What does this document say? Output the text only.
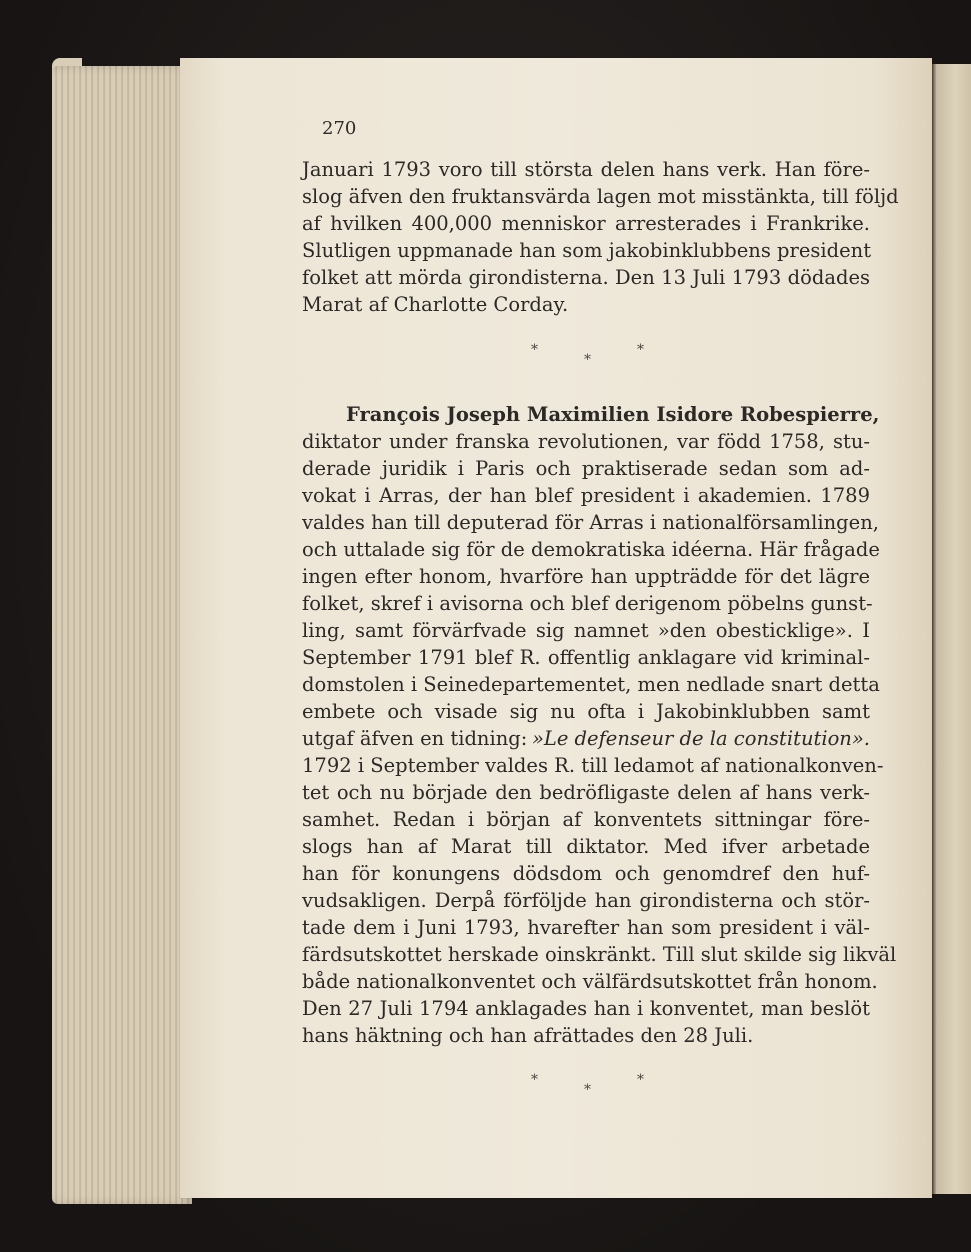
270

Januari 1793 voro till största delen hans verk. Han före-

slog äfven den fruktansvärda lagen mot misstänkta, till följd

af hvilken 400,000 menniskor arresterades i Frankrike.

Slutligen uppmanade han som jakobinklubbens president

folket att mörda girondisterna. Den 13 Juli 1793 dödades

Marat af Charlotte Corday.

*

*

*

François Joseph Maximilien Isidore Robespierre,

diktator under franska revolutionen, var född 1758, stu-

derade juridik i Paris och praktiserade sedan som ad-

vokat i Arras, der han blef president i akademien. 1789

valdes han till deputerad för Arras i nationalförsamlingen,

och uttalade sig för de demokratiska idéerna. Här frågade

ingen efter honom, hvarföre han uppträdde för det lägre

folket, skref i avisorna och blef derigenom pöbelns gunst-

ling, samt förvärfvade sig namnet »den obesticklige». I

September 1791 blef R. offentlig anklagare vid kriminal-

domstolen i Seinedepartementet, men nedlade snart detta

embete och visade sig nu ofta i Jakobinklubben samt

utgaf äfven en tidning: »Le defenseur de la constitution».

1792 i September valdes R. till ledamot af nationalkonven-

tet och nu började den bedröfligaste delen af hans verk-

samhet. Redan i början af konventets sittningar före-

slogs han af Marat till diktator. Med ifver arbetade

han för konungens dödsdom och genomdref den huf-

vudsakligen. Derpå förföljde han girondisterna och stör-

tade dem i Juni 1793, hvarefter han som president i väl-

färdsutskottet herskade oinskränkt. Till slut skilde sig likväl

både nationalkonventet och välfärdsutskottet från honom.

Den 27 Juli 1794 anklagades han i konventet, man beslöt

hans häktning och han afrättades den 28 Juli.

*

*

*
